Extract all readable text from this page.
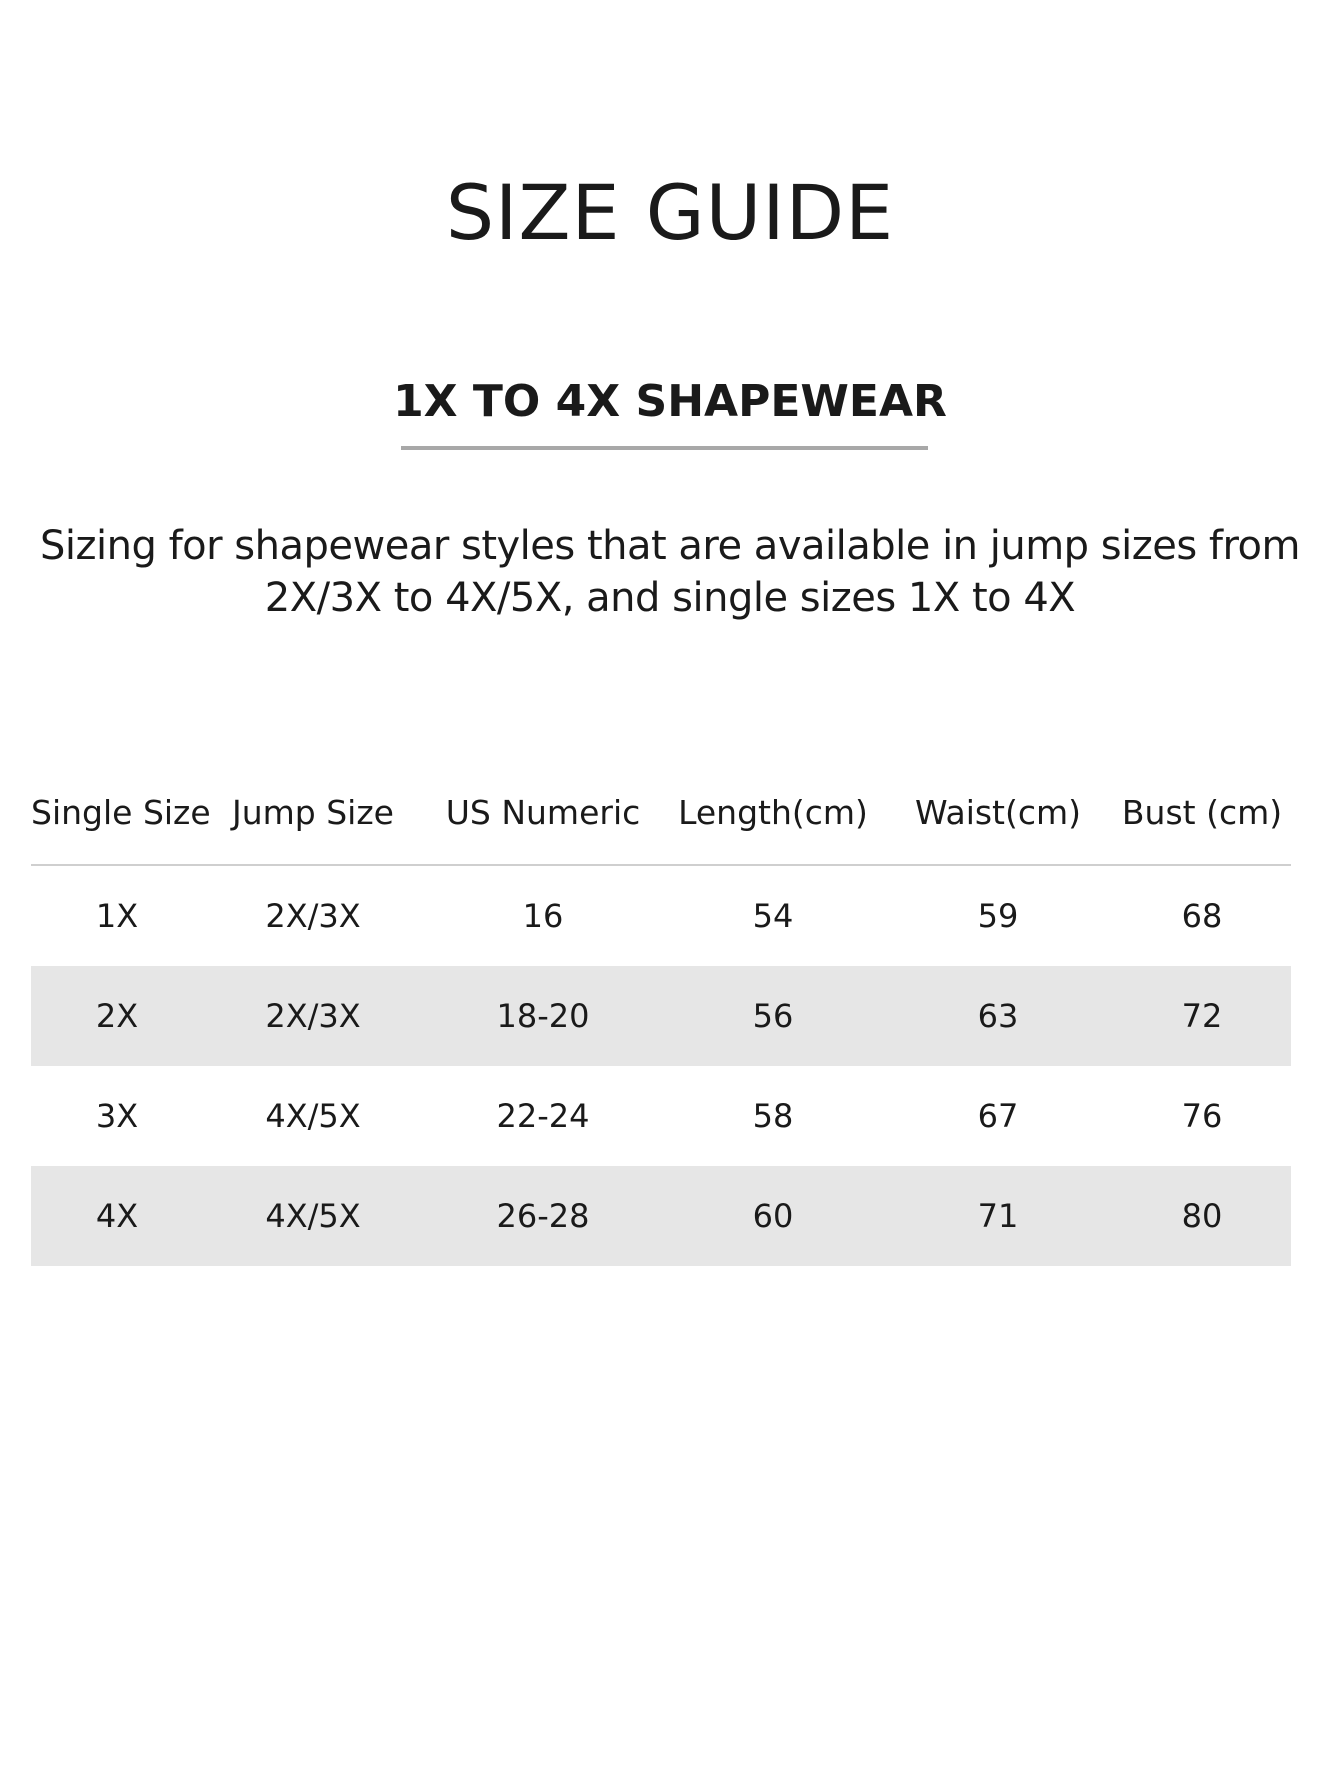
SIZE GUIDE
1X TO 4X SHAPEWEAR

Sizing for shapewear styles that are available in jump sizes from
2X/3X to 4X/5X, and single sizes 1X to 4X

Single Size	Jump Size	US Numeric	Length(cm)	Waist(cm)	Bust (cm)
1X	2X/3X	16	54	59	68
2X	2X/3X	18-20	56	63	72
3X	4X/5X	22-24	58	67	76
4X	4X/5X	26-28	60	71	80
